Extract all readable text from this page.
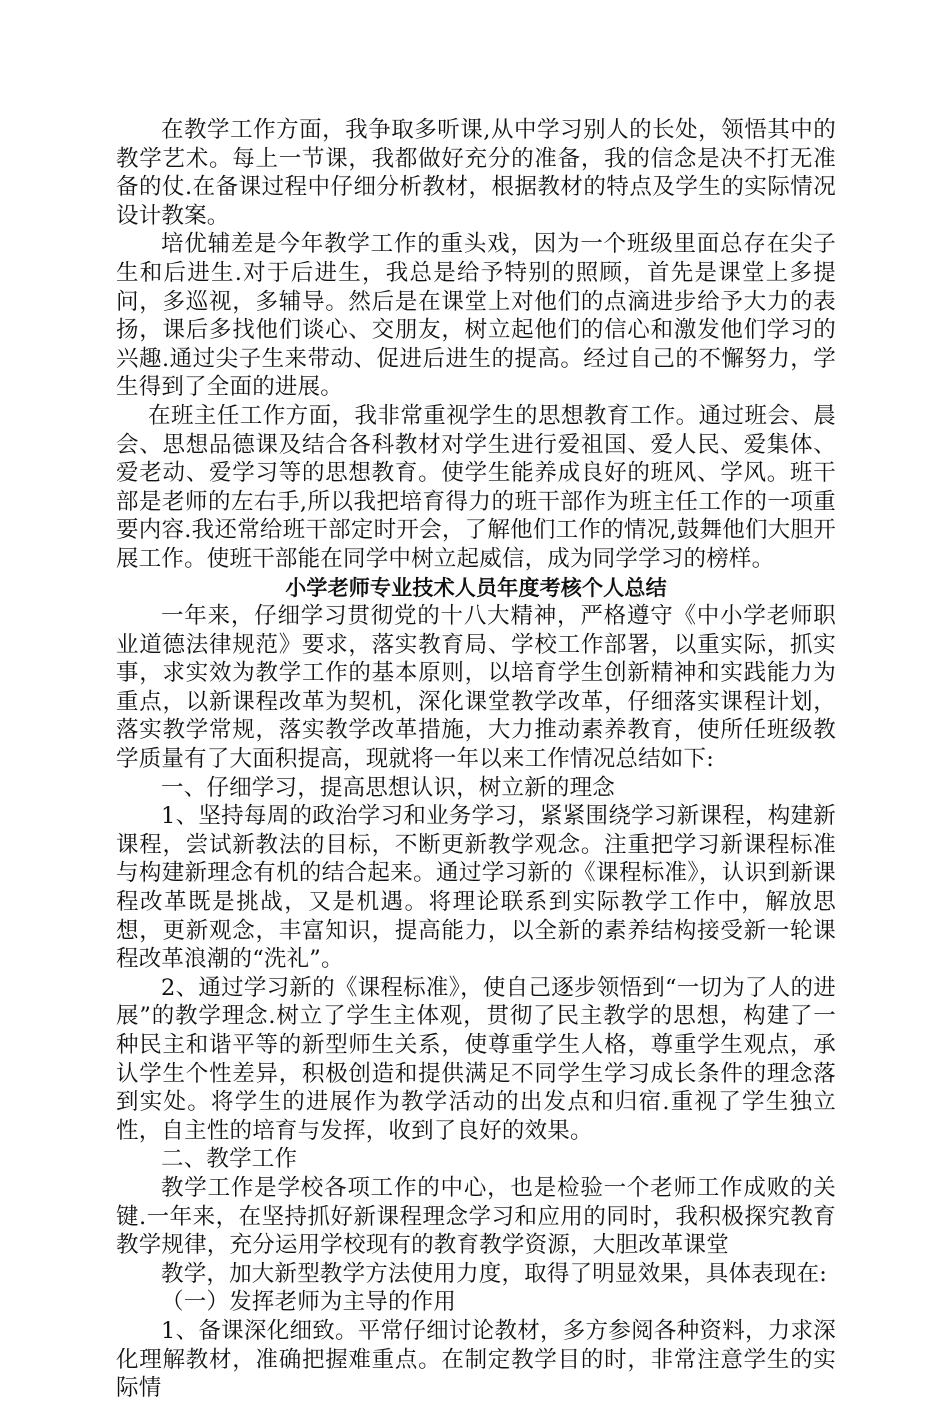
在教学工作方面，我争取多听课,从中学习别人的长处，领悟其中的教学艺术。每上一节课，我都做好充分的准备，我的信念是决不打无准备的仗.在备课过程中仔细分析教材，根据教材的特点及学生的实际情况设计教案。

培优辅差是今年教学工作的重头戏，因为一个班级里面总存在尖子生和后进生.对于后进生，我总是给予特别的照顾，首先是课堂上多提问，多巡视，多辅导。然后是在课堂上对他们的点滴进步给予大力的表扬，课后多找他们谈心、交朋友，树立起他们的信心和激发他们学习的兴趣.通过尖子生来带动、促进后进生的提高。经过自己的不懈努力，学生得到了全面的进展。

在班主任工作方面，我非常重视学生的思想教育工作。通过班会、晨会、思想品德课及结合各科教材对学生进行爱祖国、爱人民、爱集体、爱老动、爱学习等的思想教育。使学生能养成良好的班风、学风。班干部是老师的左右手,所以我把培育得力的班干部作为班主任工作的一项重要内容.我还常给班干部定时开会，了解他们工作的情况,鼓舞他们大胆开展工作。使班干部能在同学中树立起威信，成为同学学习的榜样。

小学老师专业技术人员年度考核个人总结

一年来，仔细学习贯彻党的十八大精神，严格遵守《中小学老师职业道德法律规范》要求，落实教育局、学校工作部署，以重实际，抓实事，求实效为教学工作的基本原则，以培育学生创新精神和实践能力为重点，以新课程改革为契机，深化课堂教学改革，仔细落实课程计划，落实教学常规，落实教学改革措施，大力推动素养教育，使所任班级教学质量有了大面积提高，现就将一年以来工作情况总结如下:

一、仔细学习，提高思想认识，树立新的理念

1、坚持每周的政治学习和业务学习，紧紧围绕学习新课程，构建新课程，尝试新教法的目标，不断更新教学观念。注重把学习新课程标准与构建新理念有机的结合起来。通过学习新的《课程标准》，认识到新课程改革既是挑战，又是机遇。将理论联系到实际教学工作中，解放思想，更新观念，丰富知识，提高能力，以全新的素养结构接受新一轮课程改革浪潮的“洗礼”。

2、通过学习新的《课程标准》，使自己逐步领悟到“一切为了人的进展”的教学理念.树立了学生主体观，贯彻了民主教学的思想，构建了一种民主和谐平等的新型师生关系，使尊重学生人格，尊重学生观点，承认学生个性差异，积极创造和提供满足不同学生学习成长条件的理念落到实处。将学生的进展作为教学活动的出发点和归宿.重视了学生独立性，自主性的培育与发挥，收到了良好的效果。

二、教学工作

教学工作是学校各项工作的中心，也是检验一个老师工作成败的关键.一年来，在坚持抓好新课程理念学习和应用的同时，我积极探究教育教学规律，充分运用学校现有的教育教学资源，大胆改革课堂

教学，加大新型教学方法使用力度，取得了明显效果，具体表现在:

（一）发挥老师为主导的作用

1、备课深化细致。平常仔细讨论教材，多方参阅各种资料，力求深化理解教材，准确把握难重点。在制定教学目的时，非常注意学生的实际情
